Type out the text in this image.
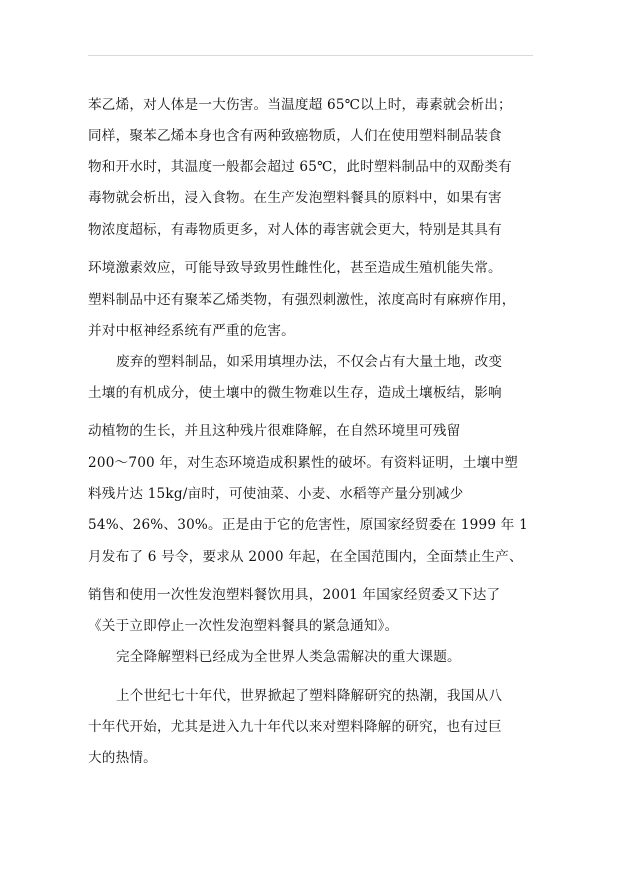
苯乙烯，对人体是一大伤害。当温度超 65℃以上时，毒素就会析出；
同样，聚苯乙烯本身也含有两种致癌物质，人们在使用塑料制品装食
物和开水时，其温度一般都会超过 65℃，此时塑料制品中的双酚类有
毒物就会析出，浸入食物。在生产发泡塑料餐具的原料中，如果有害
物浓度超标，有毒物质更多，对人体的毒害就会更大，特别是其具有
环境激素效应，可能导致导致男性雌性化，甚至造成生殖机能失常。
塑料制品中还有聚苯乙烯类物，有强烈刺激性，浓度高时有麻痹作用，
并对中枢神经系统有严重的危害。
废弃的塑料制品，如采用填埋办法，不仅会占有大量土地，改变
土壤的有机成分，使土壤中的微生物难以生存，造成土壤板结，影响
动植物的生长，并且这种残片很难降解，在自然环境里可残留
200～700 年，对生态环境造成积累性的破坏。有资料证明，土壤中塑
料残片达 15kg/亩时，可使油菜、小麦、水稻等产量分别减少
54%、26%、30%。正是由于它的危害性，原国家经贸委在 1999 年 1
月发布了 6 号令，要求从 2000 年起，在全国范围内，全面禁止生产、
销售和使用一次性发泡塑料餐饮用具，2001 年国家经贸委又下达了
《关于立即停止一次性发泡塑料餐具的紧急通知》。
完全降解塑料已经成为全世界人类急需解决的重大课题。
上个世纪七十年代，世界掀起了塑料降解研究的热潮，我国从八
十年代开始，尤其是进入九十年代以来对塑料降解的研究，也有过巨
大的热情。
